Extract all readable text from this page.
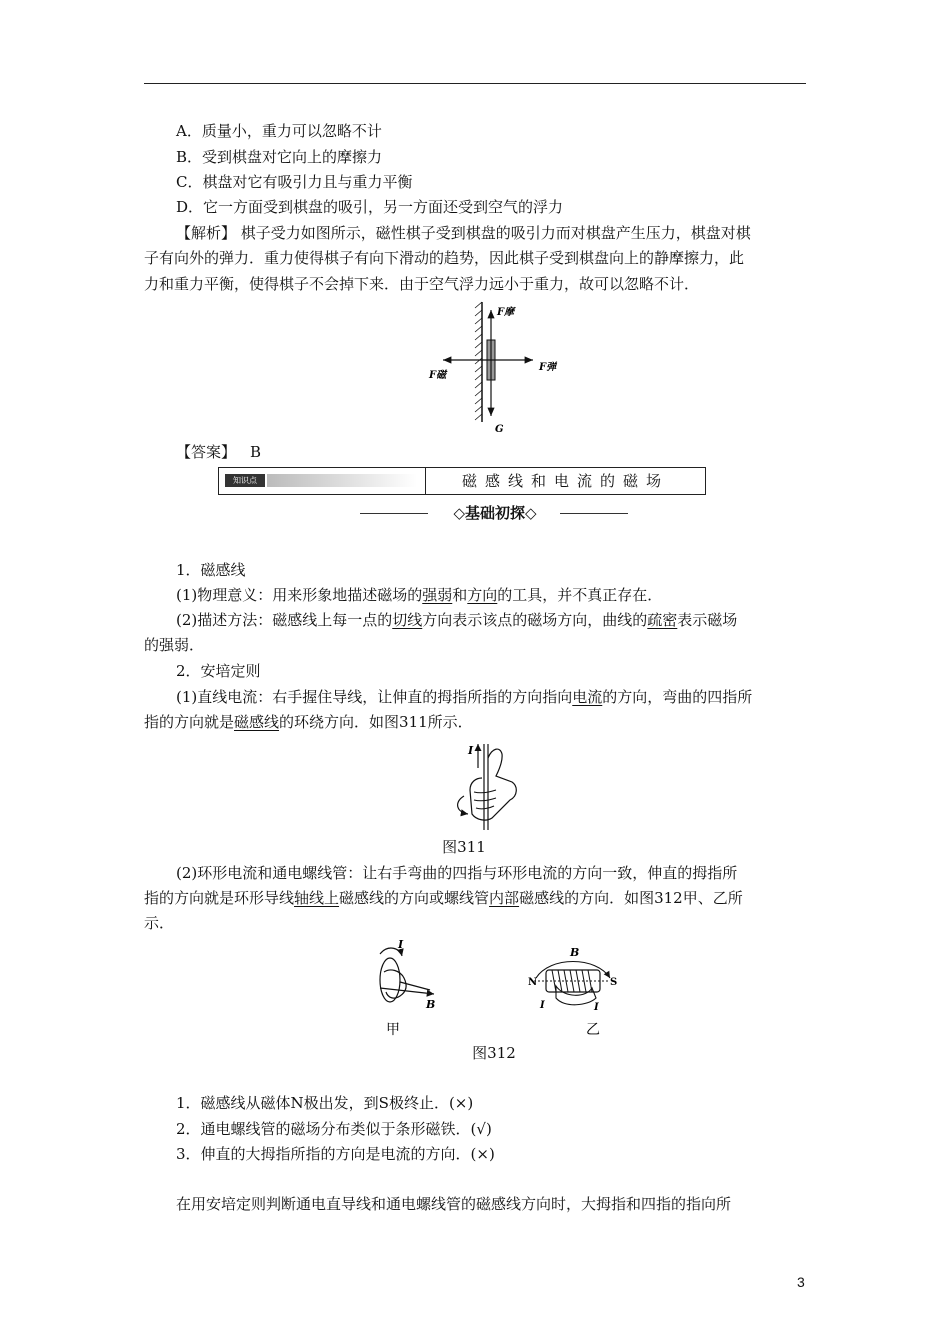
A．质量小，重力可以忽略不计
B．受到棋盘对它向上的摩擦力
C．棋盘对它有吸引力且与重力平衡
D．它一方面受到棋盘的吸引，另一方面还受到空气的浮力
【解析】 棋子受力如图所示，磁性棋子受到棋盘的吸引力而对棋盘产生压力，棋盘对棋
子有向外的弹力．重力使得棋子有向下滑动的趋势，因此棋子受到棋盘向上的静摩擦力，此
力和重力平衡，使得棋子不会掉下来．由于空气浮力远小于重力，故可以忽略不计．
F摩
F磁
F弹
G
【答案】 B
知识点	磁感线和电流的磁场
◇基础初探◇
1．磁感线
(1)物理意义：用来形象地描述磁场的强弱和方向的工具，并不真正存在．
(2)描述方法：磁感线上每一点的切线方向表示该点的磁场方向，曲线的疏密表示磁场
的强弱．
2．安培定则
(1)直线电流：右手握住导线，让伸直的拇指所指的方向指向电流的方向，弯曲的四指所
指的方向就是磁感线的环绕方向．如图311所示．
I
图311
(2)环形电流和通电螺线管：让右手弯曲的四指与环形电流的方向一致，伸直的拇指所
指的方向就是环形导线轴线上磁感线的方向或螺线管内部磁感线的方向．如图312甲、乙所
示．
I
B
甲
B
N	S
I	I
乙
图312
1．磁感线从磁体N极出发，到S极终止．(×)
2．通电螺线管的磁场分布类似于条形磁铁．(√)
3．伸直的大拇指所指的方向是电流的方向．(×)
在用安培定则判断通电直导线和通电螺线管的磁感线方向时，大拇指和四指的指向所
3
